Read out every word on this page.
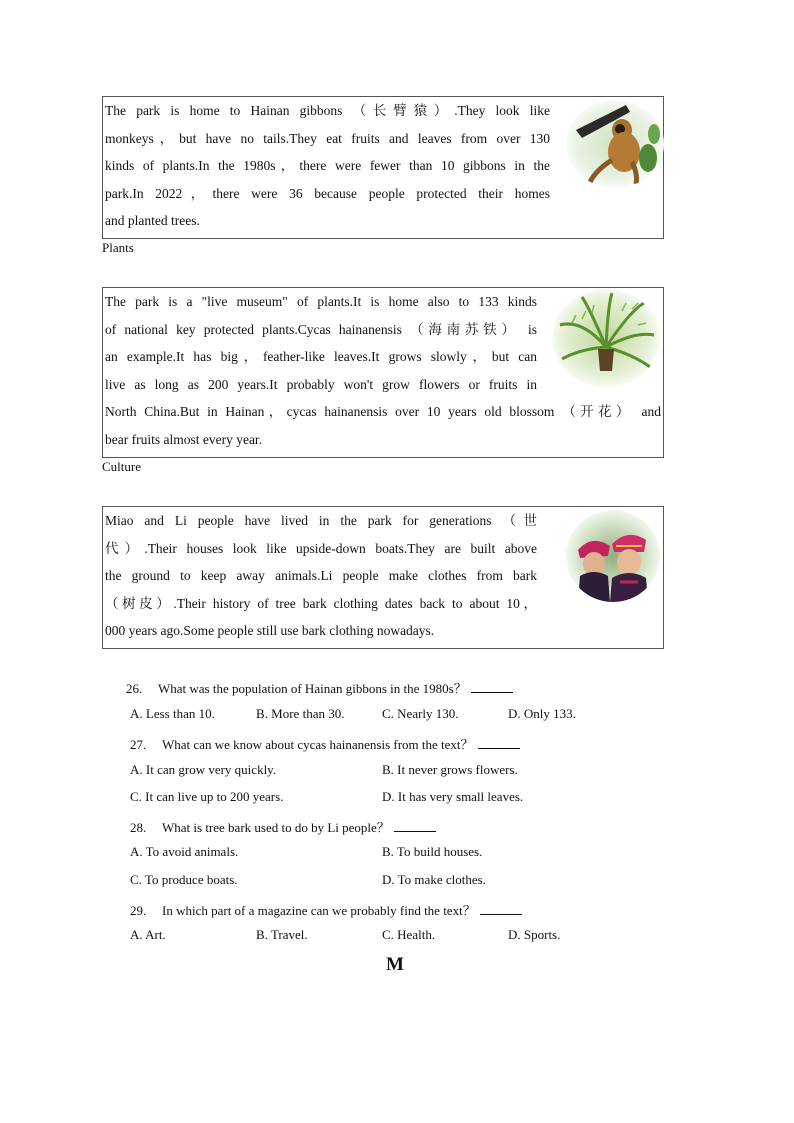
The park is home to Hainan gibbons （长臂猿）.They look like
monkeys，but have no tails.They eat fruits and leaves from over 130
kinds of plants.In the 1980s，there were fewer than 10 gibbons in the
park.In 2022，there were 36 because people protected their homes
and planted trees.
Plants
The park is a "live museum" of plants.It is home also to 133 kinds
of national key protected plants.Cycas hainanensis （海南苏铁） is
an example.It has big，feather-like leaves.It grows slowly，but can
live as long as 200 years.It probably won't grow flowers or fruits in
North China.But in Hainan，cycas hainanensis over 10 years old blossom （开花） and
bear fruits almost every year.
Culture
Miao and Li people have lived in the park for generations （世
代）.Their houses look like upside-down boats.They are built above
the ground to keep away animals.Li people make clothes from bark
（树皮）.Their history of tree bark clothing dates back to about 10，
000 years ago.Some people still use bark clothing nowadays.
26. What was the population of Hainan gibbons in the 1980s？
A. Less than 10.	B. More than 30.	C. Nearly 130.	D. Only 133.
27. What can we know about cycas hainanensis from the text？
A. It can grow very quickly.	B. It never grows flowers.
C. It can live up to 200 years.	D. It has very small leaves.
28. What is tree bark used to do by Li people？
A. To avoid animals.	B. To build houses.
C. To produce boats.	D. To make clothes.
29. In which part of a magazine can we probably find the text？
A. Art.	B. Travel.	C. Health.	D. Sports.
M
